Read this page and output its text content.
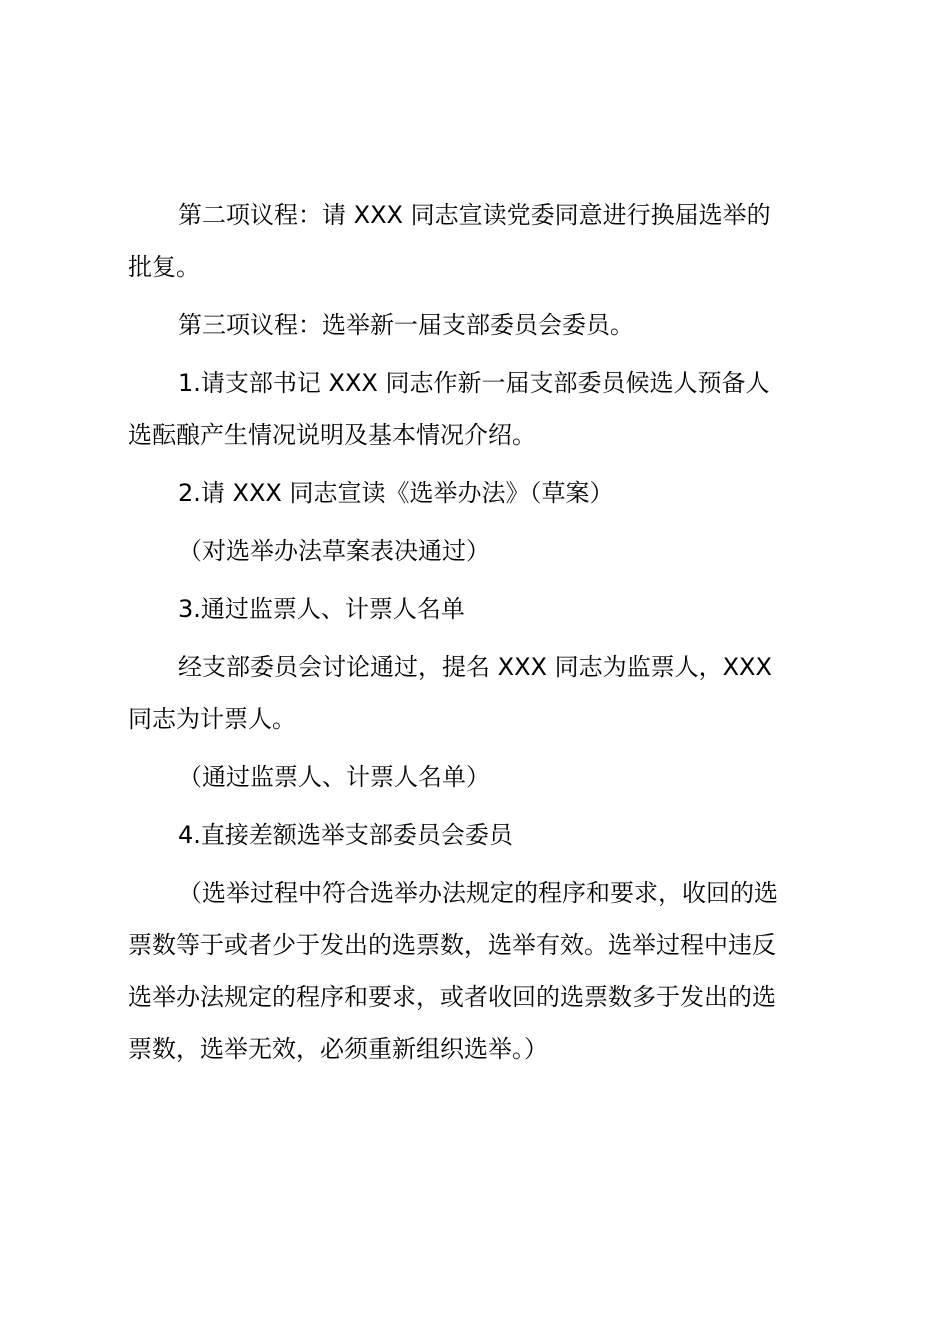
第二项议程：请 XXX 同志宣读党委同意进行换届选举的
批复。
第三项议程：选举新一届支部委员会委员。
1.请支部书记 XXX 同志作新一届支部委员候选人预备人
选酝酿产生情况说明及基本情况介绍。
2.请 XXX 同志宣读《选举办法》（草案）
（对选举办法草案表决通过）
3.通过监票人、计票人名单
经支部委员会讨论通过，提名 XXX 同志为监票人，XXX
同志为计票人。
（通过监票人、计票人名单）
4.直接差额选举支部委员会委员
（选举过程中符合选举办法规定的程序和要求，收回的选
票数等于或者少于发出的选票数，选举有效。选举过程中违反
选举办法规定的程序和要求，或者收回的选票数多于发出的选
票数，选举无效，必须重新组织选举。）
